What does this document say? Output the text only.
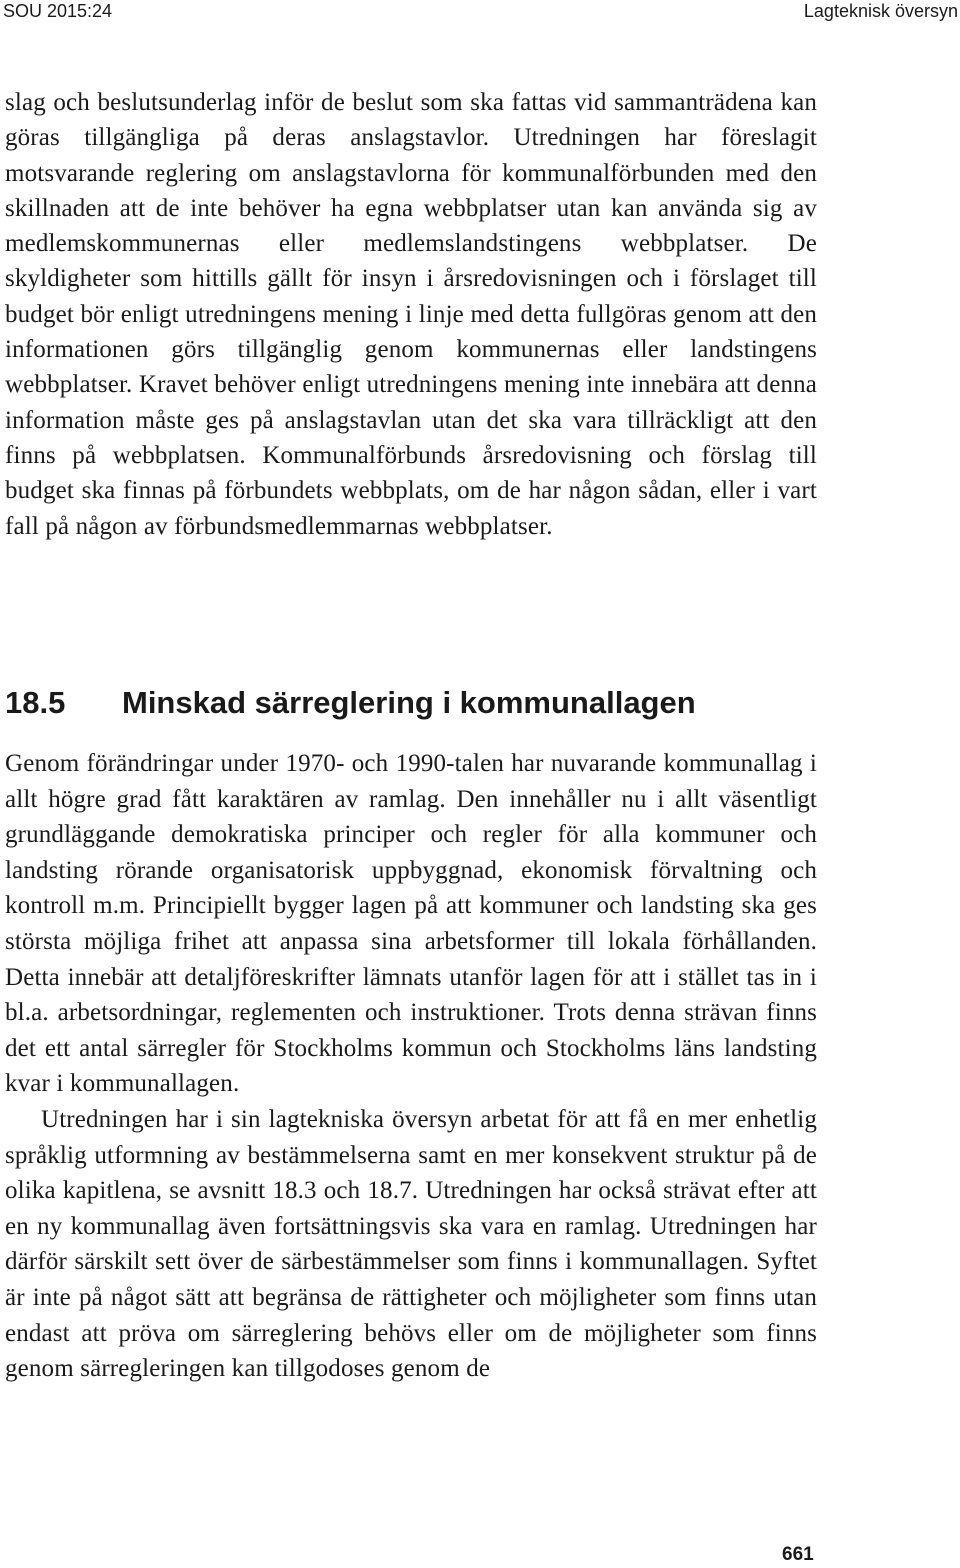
SOU 2015:24	Lagteknisk översyn

slag och beslutsunderlag inför de beslut som ska fattas vid sammanträdena kan göras tillgängliga på deras anslagstavlor. Utredningen har föreslagit motsvarande reglering om anslagstavlorna för kommunalförbunden med den skillnaden att de inte behöver ha egna webbplatser utan kan använda sig av medlemskommunernas eller medlemslandstingens webbplatser. De skyldigheter som hittills gällt för insyn i årsredovisningen och i förslaget till budget bör enligt utredningens mening i linje med detta fullgöras genom att den informationen görs tillgänglig genom kommunernas eller landstingens webbplatser. Kravet behöver enligt utredningens mening inte innebära att denna information måste ges på anslagstavlan utan det ska vara tillräckligt att den finns på webbplatsen. Kommunalförbunds årsredovisning och förslag till budget ska finnas på förbundets webbplats, om de har någon sådan, eller i vart fall på någon av förbundsmedlemmarnas webbplatser.

18.5 Minskad särreglering i kommunallagen

Genom förändringar under 1970- och 1990-talen har nuvarande kommunallag i allt högre grad fått karaktären av ramlag. Den innehåller nu i allt väsentligt grundläggande demokratiska principer och regler för alla kommuner och landsting rörande organisatorisk uppbyggnad, ekonomisk förvaltning och kontroll m.m. Principiellt bygger lagen på att kommuner och landsting ska ges största möjliga frihet att anpassa sina arbetsformer till lokala förhållanden. Detta innebär att detaljföreskrifter lämnats utanför lagen för att i stället tas in i bl.a. arbetsordningar, reglementen och instruktioner. Trots denna strävan finns det ett antal särregler för Stockholms kommun och Stockholms läns landsting kvar i kommunallagen.

Utredningen har i sin lagtekniska översyn arbetat för att få en mer enhetlig språklig utformning av bestämmelserna samt en mer konsekvent struktur på de olika kapitlena, se avsnitt 18.3 och 18.7. Utredningen har också strävat efter att en ny kommunallag även fortsättningsvis ska vara en ramlag. Utredningen har därför särskilt sett över de särbestämmelser som finns i kommunallagen. Syftet är inte på något sätt att begränsa de rättigheter och möjligheter som finns utan endast att pröva om särreglering behövs eller om de möjligheter som finns genom särregleringen kan tillgodoses genom de

661
